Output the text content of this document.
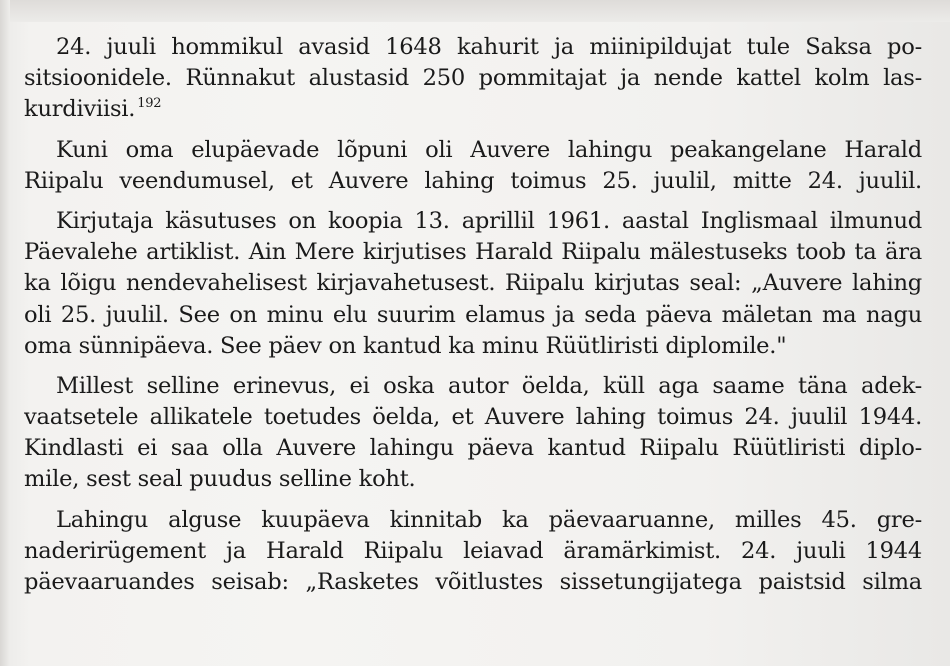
24. juuli hommikul avasid 1648 kahurit ja miinipildujat tule Saksa po-
sitsioonidele. Rünnakut alustasid 250 pommitajat ja nende kattel kolm las-
kurdiviisi. $^{192}$
Kuni oma elupäevade lõpuni oli Auvere lahingu peakangelane Harald
Riipalu veendumusel, et Auvere lahing toimus 25. juulil, mitte 24. juulil.
Kirjutaja käsutuses on koopia 13. aprillil 1961. aastal Inglismaal ilmunud
Päevalehe artiklist. Ain Mere kirjutises Harald Riipalu mälestuseks toob ta ära
ka lõigu nendevahelisest kirjavahetusest. Riipalu kirjutas seal: „Auvere lahing
oli 25. juulil. See on minu elu suurim elamus ja seda päeva mäletan ma nagu
oma sünnipäeva. See päev on kantud ka minu Rüütliristi diplomile."
Millest selline erinevus, ei oska autor öelda, küll aga saame täna adek-
vaatsetele allikatele toetudes öelda, et Auvere lahing toimus 24. juulil 1944.
Kindlasti ei saa olla Auvere lahingu päeva kantud Riipalu Rüütliristi diplo-
mile, sest seal puudus selline koht.
Lahingu alguse kuupäeva kinnitab ka päevaaruanne, milles 45. gre-
naderirügement ja Harald Riipalu leiavad äramärkimist. 24. juuli 1944
päevaaruandes seisab: „Rasketes võitlustes sissetungijatega paistsid silma
